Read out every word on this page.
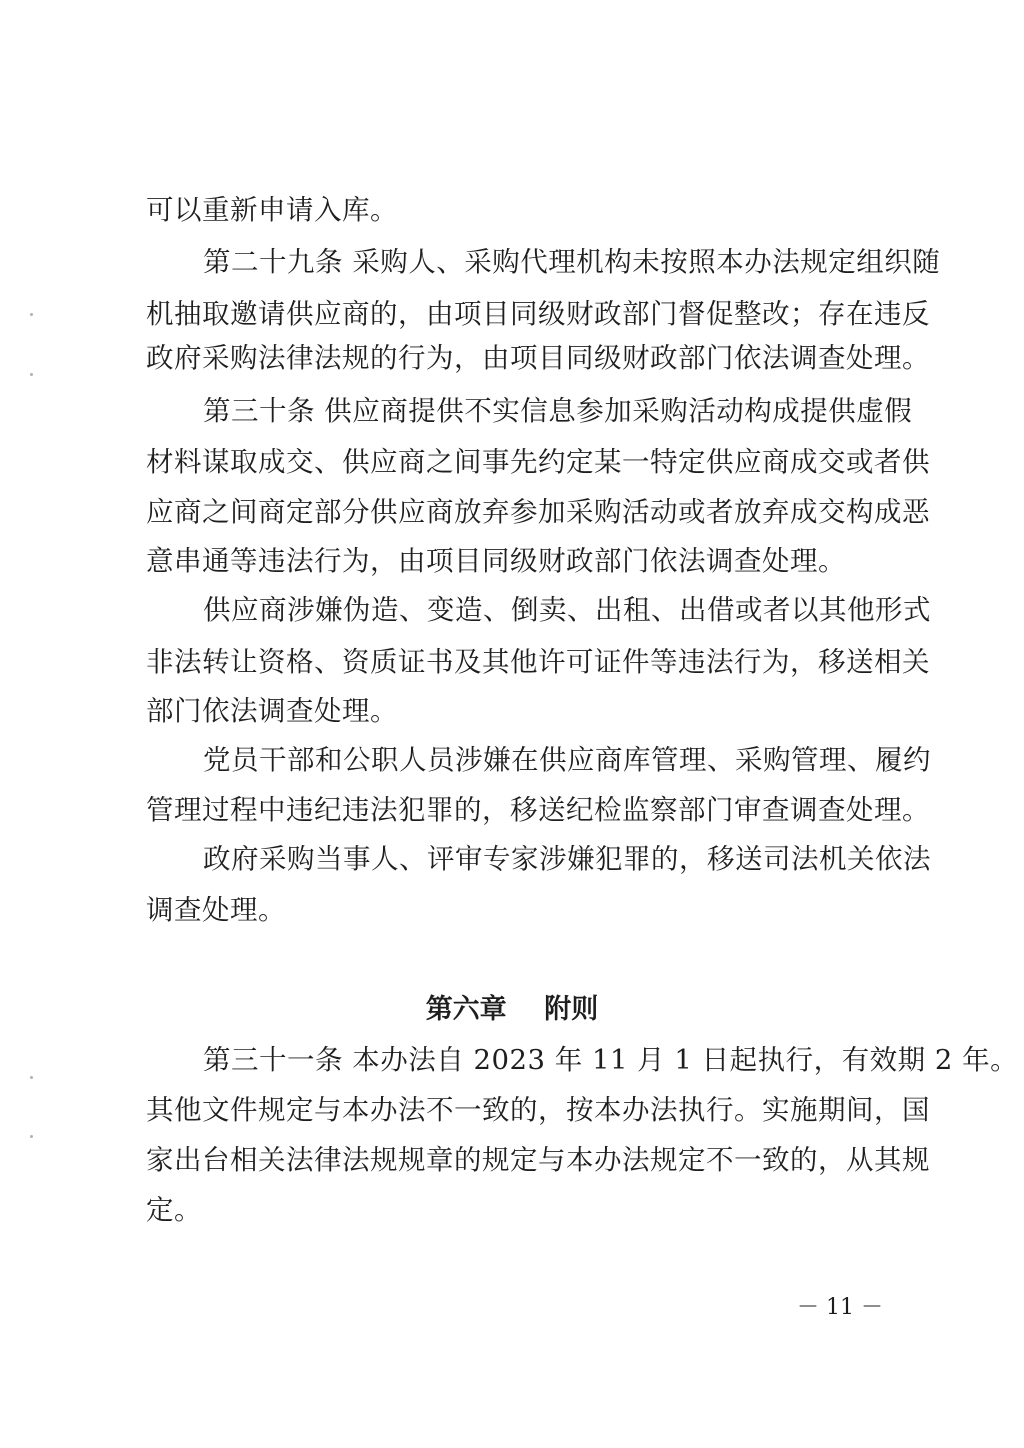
可以重新申请入库。
第二十九条 采购人、采购代理机构未按照本办法规定组织随
机抽取邀请供应商的，由项目同级财政部门督促整改；存在违反
政府采购法律法规的行为，由项目同级财政部门依法调查处理。
第三十条 供应商提供不实信息参加采购活动构成提供虚假
材料谋取成交、供应商之间事先约定某一特定供应商成交或者供
应商之间商定部分供应商放弃参加采购活动或者放弃成交构成恶
意串通等违法行为，由项目同级财政部门依法调查处理。
供应商涉嫌伪造、变造、倒卖、出租、出借或者以其他形式
非法转让资格、资质证书及其他许可证件等违法行为，移送相关
部门依法调查处理。
党员干部和公职人员涉嫌在供应商库管理、采购管理、履约
管理过程中违纪违法犯罪的，移送纪检监察部门审查调查处理。
政府采购当事人、评审专家涉嫌犯罪的，移送司法机关依法
调查处理。
第六章    附则
第三十一条 本办法自 2023 年 11 月 1 日起执行，有效期 2 年。
其他文件规定与本办法不一致的，按本办法执行。实施期间，国
家出台相关法律法规规章的规定与本办法规定不一致的，从其规
定。
－ 11 －
